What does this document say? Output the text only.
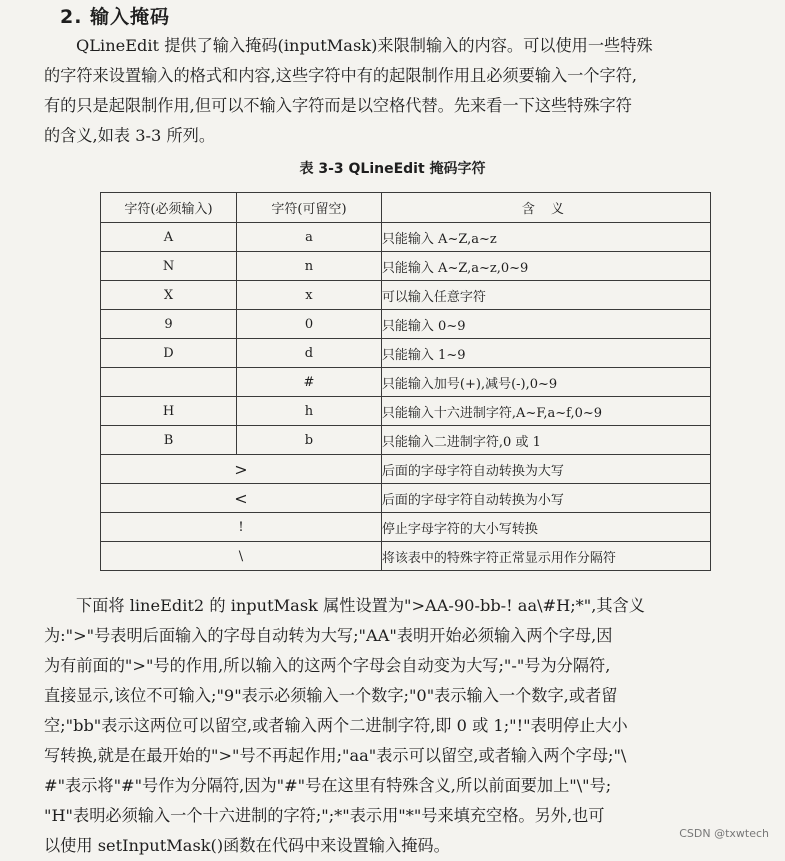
2. 输入掩码

QLineEdit 提供了输入掩码(inputMask)来限制输入的内容。可以使用一些特殊

的字符来设置输入的格式和内容,这些字符中有的起限制作用且必须要输入一个字符,

有的只是起限制作用,但可以不输入字符而是以空格代替。先来看一下这些特殊字符

的含义,如表 3-3 所列。

表 3-3 QLineEdit 掩码字符
字符(必须输入)	字符(可留空)	含 义
A	a	只能输入 A~Z,a~z
N	n	只能输入 A~Z,a~z,0~9
X	x	可以输入任意字符
9	0	只能输入 0~9
D	d	只能输入 1~9
	#	只能输入加号(+),减号(-),0~9
H	h	只能输入十六进制字符,A~F,a~f,0~9
B	b	只能输入二进制字符,0 或 1
>		后面的字母字符自动转换为大写
<		后面的字母字符自动转换为小写
!		停止字母字符的大小写转换
\		将该表中的特殊字符正常显示用作分隔符

下面将 lineEdit2 的 inputMask 属性设置为">AA-90-bb-! aa\#H;*",其含义

为:">"号表明后面输入的字母自动转为大写;"AA"表明开始必须输入两个字母,因

为有前面的">"号的作用,所以输入的这两个字母会自动变为大写;"-"号为分隔符,

直接显示,该位不可输入;"9"表示必须输入一个数字;"0"表示输入一个数字,或者留

空;"bb"表示这两位可以留空,或者输入两个二进制字符,即 0 或 1;"!"表明停止大小

写转换,就是在最开始的">"号不再起作用;"aa"表示可以留空,或者输入两个字母;"\

#"表示将"#"号作为分隔符,因为"#"号在这里有特殊含义,所以前面要加上"\"号;

"H"表明必须输入一个十六进制的字符;";*"表示用"*"号来填充空格。另外,也可

以使用 setInputMask()函数在代码中来设置输入掩码。

CSDN @txwtech
